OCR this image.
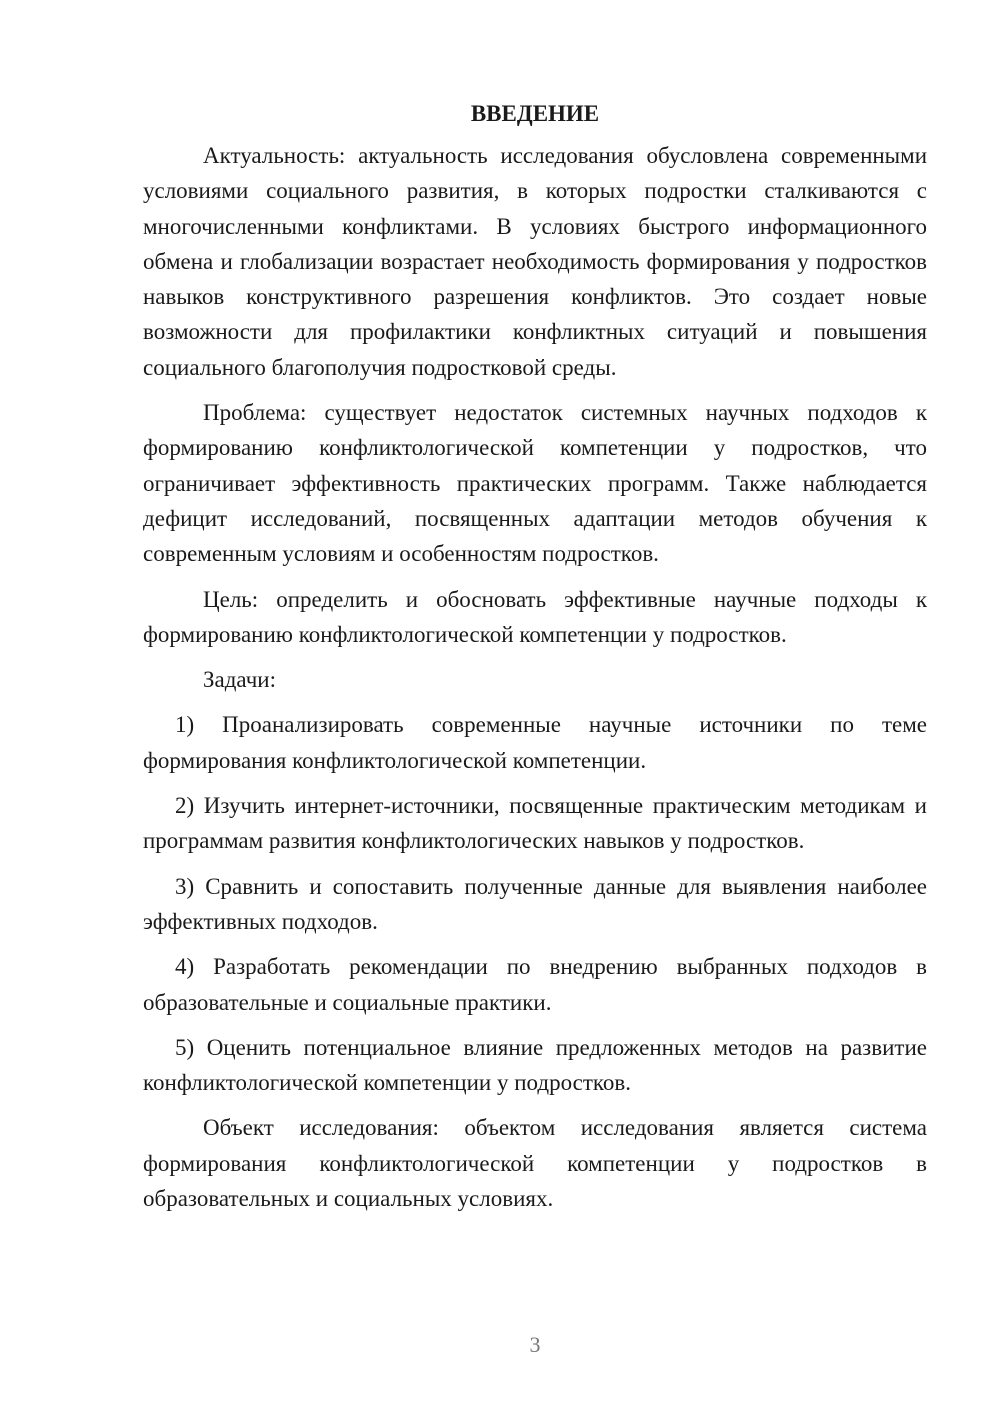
ВВЕДЕНИЕ

Актуальность: актуальность исследования обусловлена современными условиями социального развития, в которых подростки сталкиваются с многочисленными конфликтами. В условиях быстрого информационного обмена и глобализации возрастает необходимость формирования у подростков навыков конструктивного разрешения конфликтов. Это создает новые возможности для профилактики конфликтных ситуаций и повышения социального благополучия подростковой среды.

Проблема: существует недостаток системных научных подходов к формированию конфликтологической компетенции у подростков, что ограничивает эффективность практических программ. Также наблюдается дефицит исследований, посвященных адаптации методов обучения к современным условиям и особенностям подростков.

Цель: определить и обосновать эффективные научные подходы к формированию конфликтологической компетенции у подростков.

Задачи:

1) Проанализировать современные научные источники по теме формирования конфликтологической компетенции.

2) Изучить интернет-источники, посвященные практическим методикам и программам развития конфликтологических навыков у подростков.

3) Сравнить и сопоставить полученные данные для выявления наиболее эффективных подходов.

4) Разработать рекомендации по внедрению выбранных подходов в образовательные и социальные практики.

5) Оценить потенциальное влияние предложенных методов на развитие конфликтологической компетенции у подростков.

Объект исследования: объектом исследования является система формирования конфликтологической компетенции у подростков в образовательных и социальных условиях.

3
